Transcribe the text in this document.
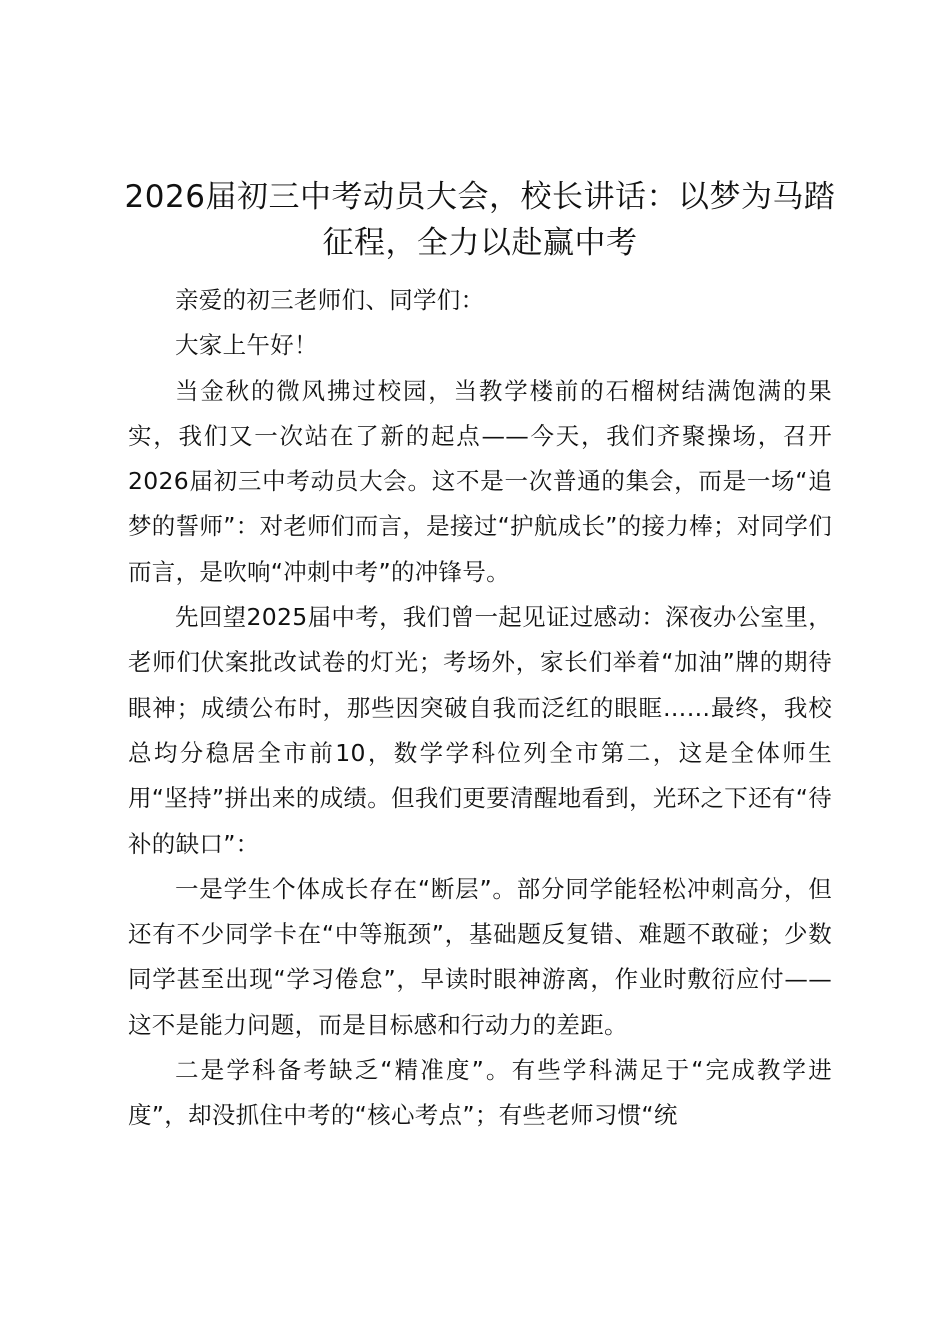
2026届初三中考动员大会，校长讲话：以梦为马踏征程，全力以赴赢中考

亲爱的初三老师们、同学们：

大家上午好！

当金秋的微风拂过校园，当教学楼前的石榴树结满饱满的果实，我们又一次站在了新的起点——今天，我们齐聚操场，召开2026届初三中考动员大会。这不是一次普通的集会，而是一场“追梦的誓师”：对老师们而言，是接过“护航成长”的接力棒；对同学们而言，是吹响“冲刺中考”的冲锋号。

先回望2025届中考，我们曾一起见证过感动：深夜办公室里，老师们伏案批改试卷的灯光；考场外，家长们举着“加油”牌的期待眼神；成绩公布时，那些因突破自我而泛红的眼眶……最终，我校总均分稳居全市前10，数学学科位列全市第二，这是全体师生用“坚持”拼出来的成绩。但我们更要清醒地看到，光环之下还有“待补的缺口”：

一是学生个体成长存在“断层”。部分同学能轻松冲刺高分，但还有不少同学卡在“中等瓶颈”，基础题反复错、难题不敢碰；少数同学甚至出现“学习倦怠”，早读时眼神游离，作业时敷衍应付——这不是能力问题，而是目标感和行动力的差距。

二是学科备考缺乏“精准度”。有些学科满足于“完成教学进度”，却没抓住中考的“核心考点”；有些老师习惯“统
